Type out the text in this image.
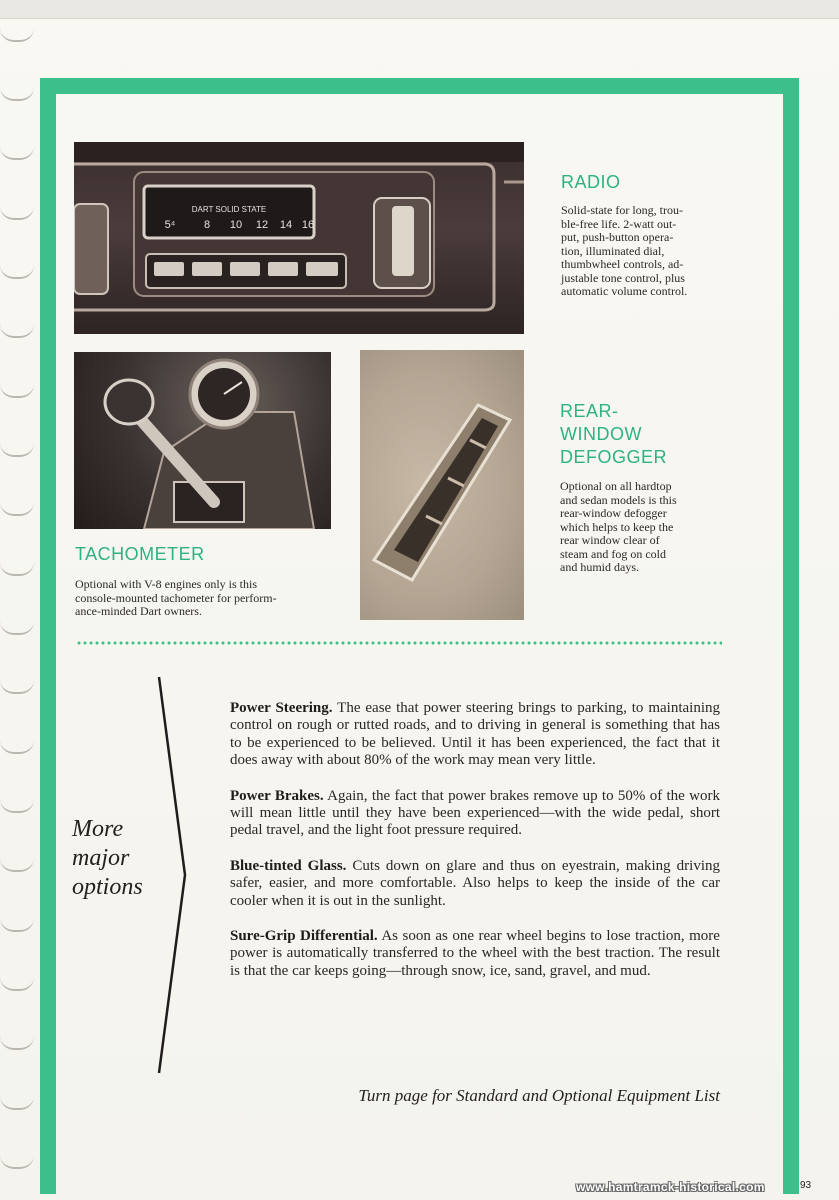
DART SOLID STATE
5⁴	8 10 12 14 16
RADIO
Solid-state for long, trou-
ble-free life. 2-watt out-
put, push-button opera-
tion, illuminated dial,
thumbwheel controls, ad-
justable tone control, plus
automatic volume control.
TACHOMETER
Optional with V-8 engines only is this
console-mounted tachometer for perform-
ance-minded Dart owners.
REAR-
WINDOW
DEFOGGER
Optional on all hardtop
and sedan models is this
rear-window defogger
which helps to keep the
rear window clear of
steam and fog on cold
and humid days.
More
major
options

Power Steering. The ease that power steering brings to parking, to maintaining control on rough or rutted roads, and to driving in general is something that has to be experienced to be believed. Until it has been experienced, the fact that it does away with about 80% of the work may mean very little.

Power Brakes. Again, the fact that power brakes remove up to 50% of the work will mean little until they have been experienced—with the wide pedal, short pedal travel, and the light foot pressure required.

Blue-tinted Glass. Cuts down on glare and thus on eyestrain, making driving safer, easier, and more comfortable. Also helps to keep the inside of the car cooler when it is out in the sunlight.

Sure-Grip Differential. As soon as one rear wheel begins to lose traction, more power is automatically transferred to the wheel with the best traction. The result is that the car keeps going—through snow, ice, sand, gravel, and mud.

Turn page for Standard and Optional Equipment List
www.hamtramck-historical.com	93
